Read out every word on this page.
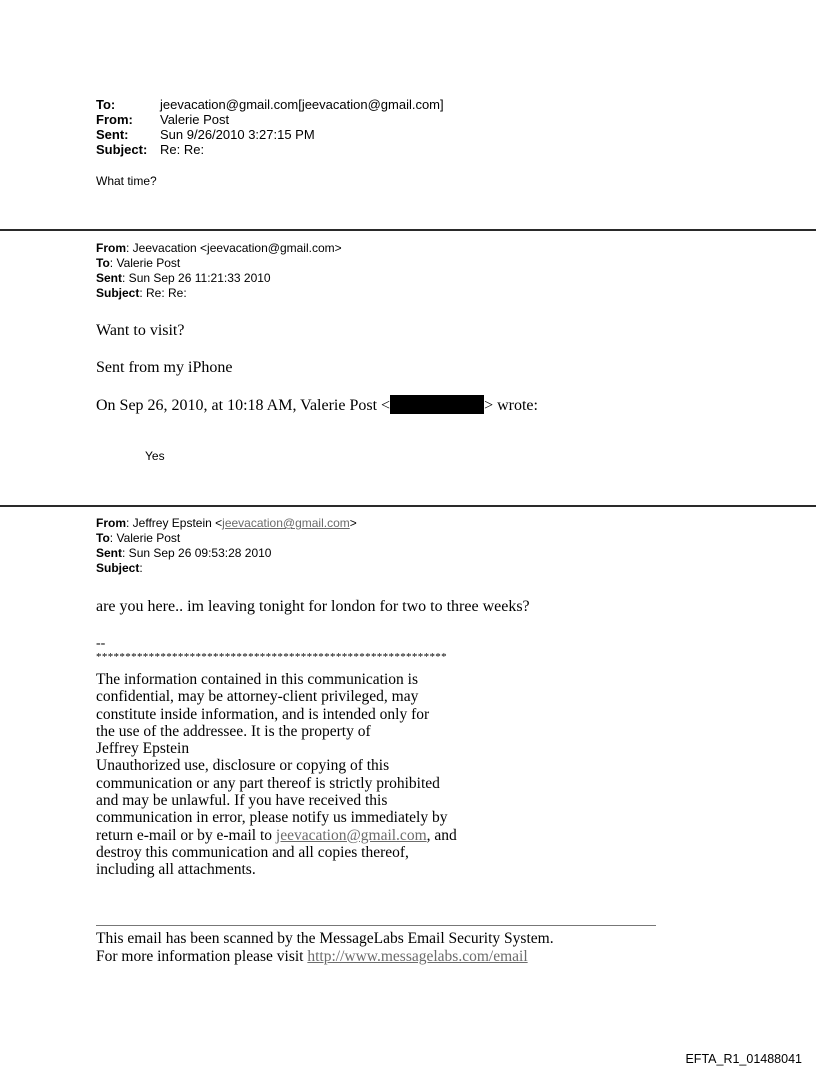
To:	jeevacation@gmail.com[jeevacation@gmail.com]
From: Valerie Post
Sent: Sun 9/26/2010 3:27:15 PM
Subject: Re: Re:
What time?
From: Jeevacation <jeevacation@gmail.com>
To: Valerie Post
Sent: Sun Sep 26 11:21:33 2010
Subject: Re: Re:
Want to visit?
Sent from my iPhone
On Sep 26, 2010, at 10:18 AM, Valerie Post <	> wrote:
Yes
From: Jeffrey Epstein <jeevacation@gmail.com>
To: Valerie Post
Sent: Sun Sep 26 09:53:28 2010
Subject:
are you here.. im leaving tonight for london for two to three weeks?
--
************************************************************
The information contained in this communication is
confidential, may be attorney-client privileged, may
constitute inside information, and is intended only for
the use of the addressee. It is the property of
Jeffrey Epstein
Unauthorized use, disclosure or copying of this
communication or any part thereof is strictly prohibited
and may be unlawful. If you have received this
communication in error, please notify us immediately by
return e-mail or by e-mail to jeevacation@gmail.com, and
destroy this communication and all copies thereof,
including all attachments.
This email has been scanned by the MessageLabs Email Security System.
For more information please visit http://www.messagelabs.com/email
EFTA_R1_01488041
